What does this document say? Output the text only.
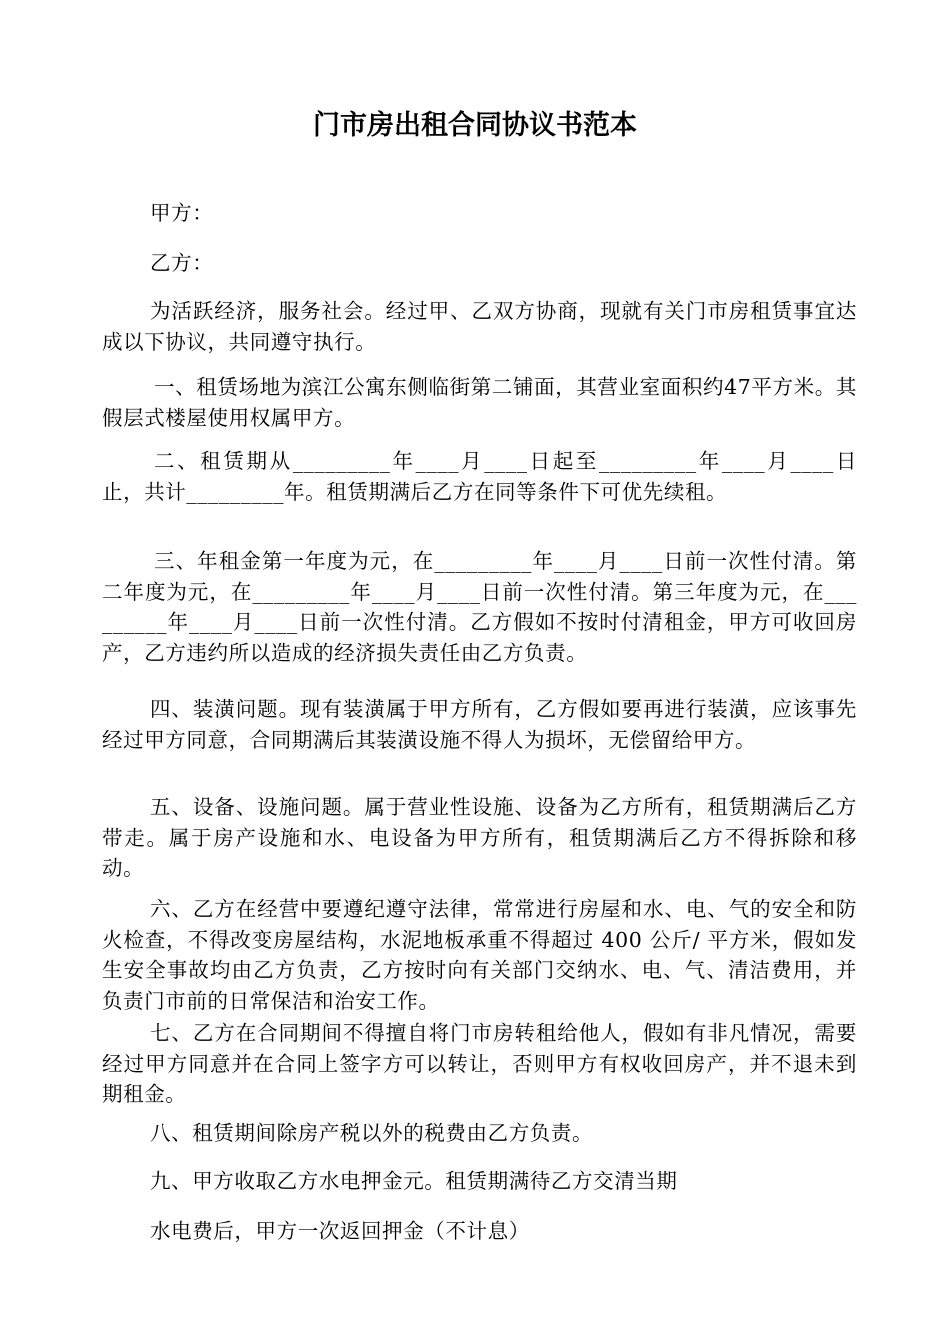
门市房出租合同协议书范本
甲方：
乙方：
为活跃经济，服务社会。经过甲、乙双方协商，现就有关门市房租赁事宜达成以下协议，共同遵守执行。
一、租赁场地为滨江公寓东侧临街第二铺面，其营业室面积约47平方米。其假层式楼屋使用权属甲方。
二、租赁期从_________年____月____日起至_________年____月____日止，共计_________年。租赁期满后乙方在同等条件下可优先续租。
三、年租金第一年度为元，在_________年____月____日前一次性付清。第二年度为元，在_________年____月____日前一次性付清。第三年度为元，在_________年____月____日前一次性付清。乙方假如不按时付清租金，甲方可收回房产，乙方违约所以造成的经济损失责任由乙方负责。
四、装潢问题。现有装潢属于甲方所有，乙方假如要再进行装潢，应该事先经过甲方同意，合同期满后其装潢设施不得人为损坏，无偿留给甲方。
五、设备、设施问题。属于营业性设施、设备为乙方所有，租赁期满后乙方带走。属于房产设施和水、电设备为甲方所有，租赁期满后乙方不得拆除和移动。
六、乙方在经营中要遵纪遵守法律，常常进行房屋和水、电、气的安全和防火检查，不得改变房屋结构，水泥地板承重不得超过 400 公斤/ 平方米，假如发生安全事故均由乙方负责，乙方按时向有关部门交纳水、电、气、清洁费用，并负责门市前的日常保洁和治安工作。
七、乙方在合同期间不得擅自将门市房转租给他人，假如有非凡情况，需要经过甲方同意并在合同上签字方可以转让，否则甲方有权收回房产，并不退未到期租金。
八、租赁期间除房产税以外的税费由乙方负责。
九、甲方收取乙方水电押金元。租赁期满待乙方交清当期
水电费后，甲方一次返回押金（不计息）
